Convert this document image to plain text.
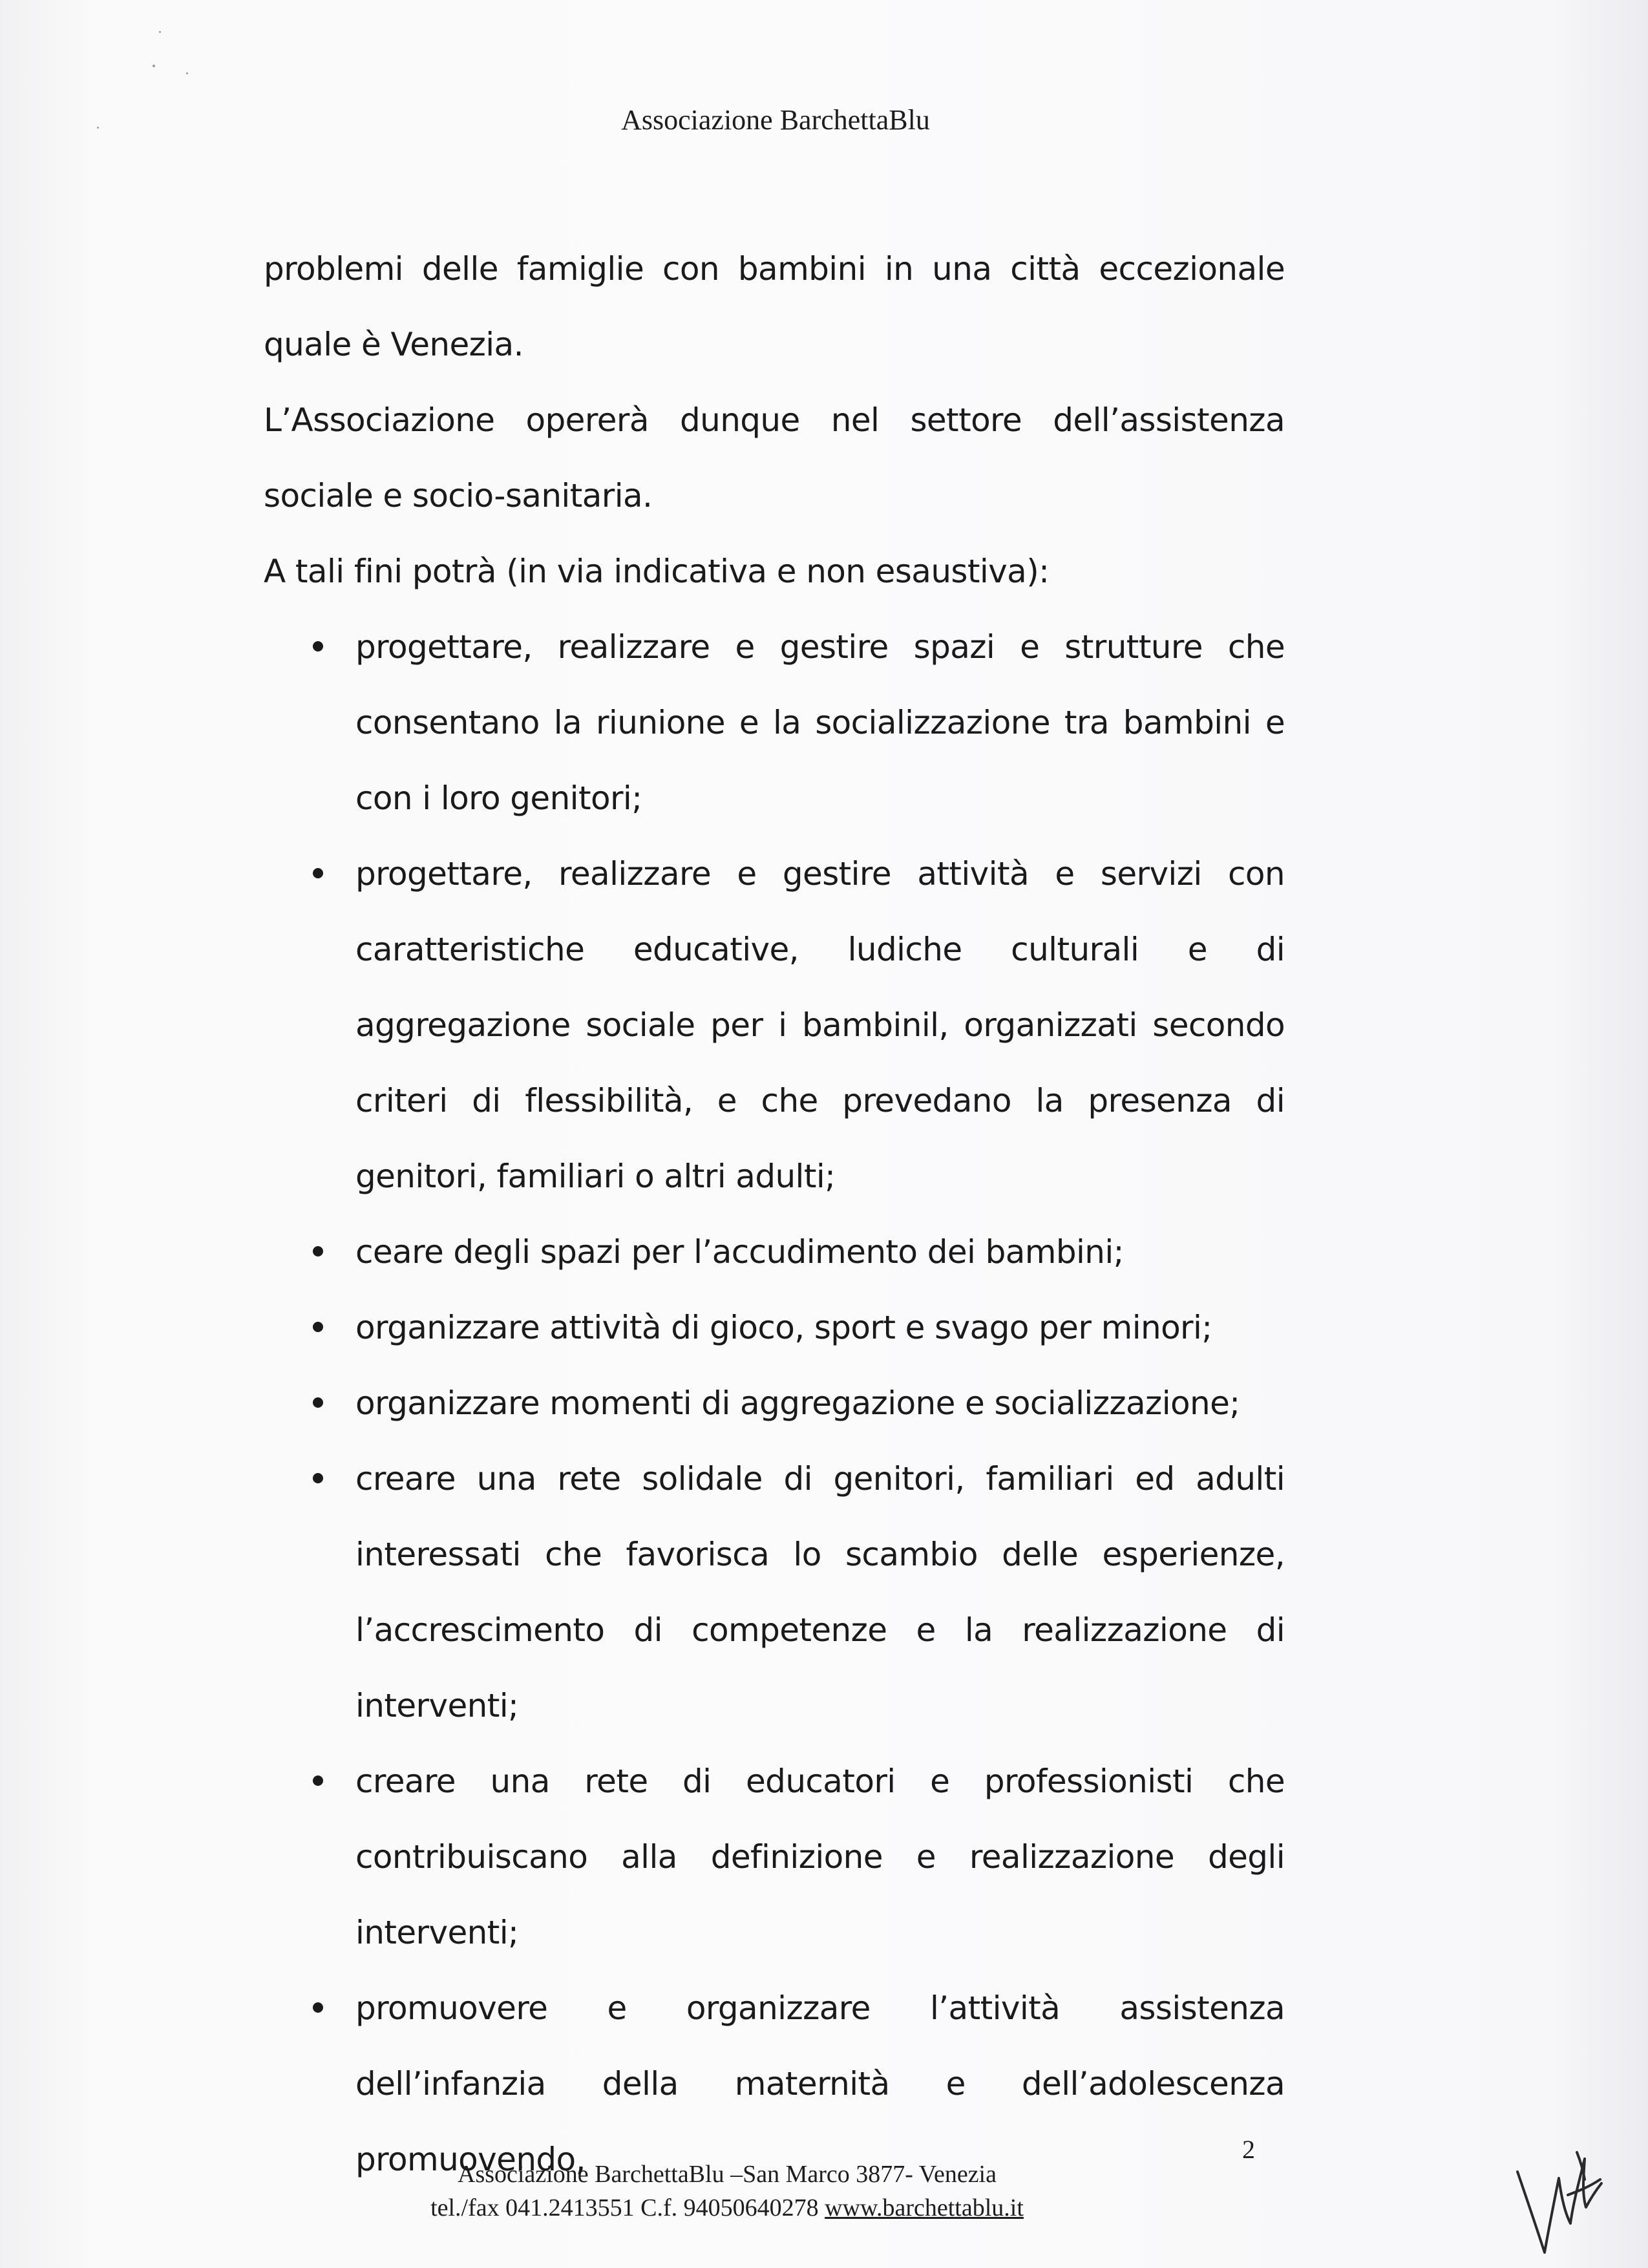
Associazione BarchettaBlu

problemi delle famiglie con bambini in una città eccezionale quale è Venezia.

L’Associazione opererà dunque nel settore dell’assistenza sociale e socio-sanitaria.

A tali fini potrà (in via indicativa e non esaustiva):

progettare, realizzare e gestire spazi e strutture che consentano la riunione e la socializzazione tra bambini e con i loro genitori;
progettare, realizzare e gestire attività e servizi con caratteristiche educative, ludiche culturali e di aggregazione sociale per i bambinil, organizzati secondo criteri di flessibilità, e che prevedano la presenza di genitori, familiari o altri adulti;
ceare degli spazi per l’accudimento dei bambini;
organizzare attività di gioco, sport e svago per minori;
organizzare momenti di aggregazione e socializzazione;
creare una rete solidale di genitori, familiari ed adulti interessati che favorisca lo scambio delle esperienze, l’accrescimento di competenze e la realizzazione di interventi;
creare una rete di educatori e professionisti che contribuiscano alla definizione e realizzazione degli interventi;
promuovere e organizzare l’attività assistenza dell’infanzia della maternità e dell’adolescenza promuovendo,	2
Associazione BarchettaBlu –San Marco 3877- Venezia
tel./fax 041.2413551 C.f. 94050640278 www.barchettablu.it
